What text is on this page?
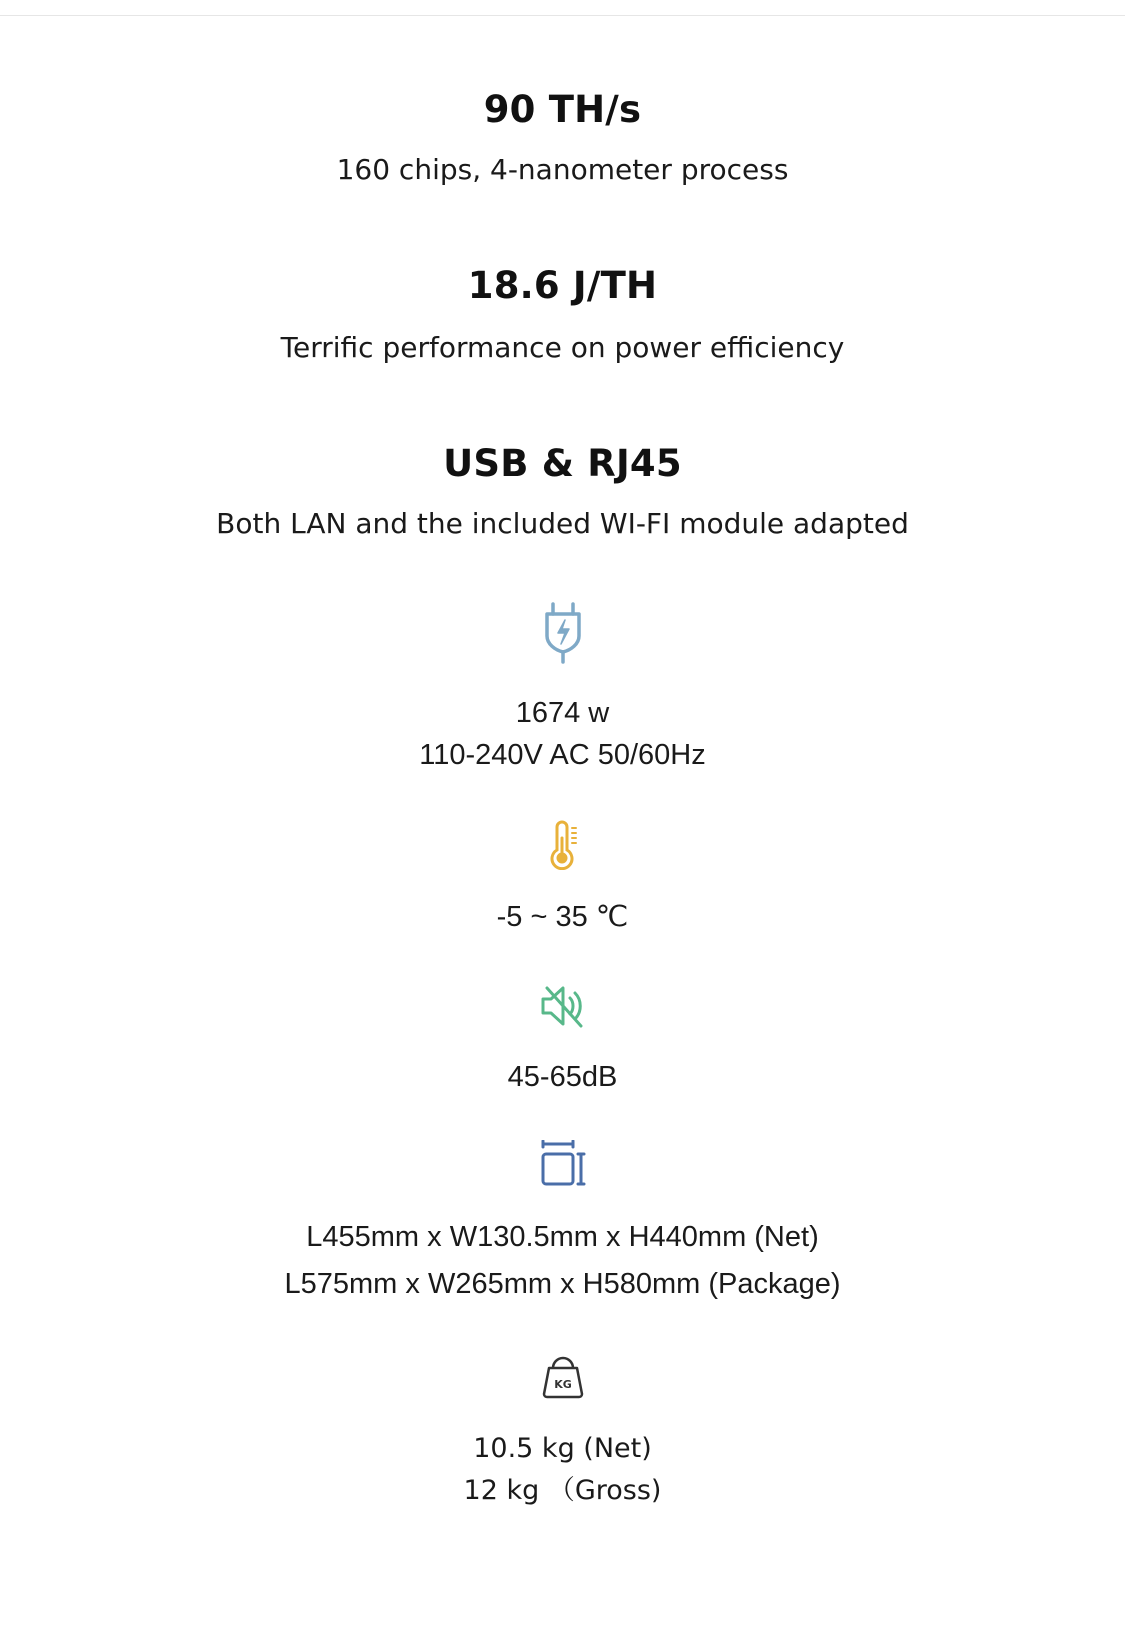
90 TH/s

160 chips, 4-nanometer process

18.6 J/TH

Terrific performance on power efficiency

USB & RJ45

Both LAN and the included WI-FI module adapted

1674 w
110-240V AC 50/60Hz
-5 ~ 35 ℃
45-65dB
L455mm x W130.5mm x H440mm (Net)
L575mm x W265mm x H580mm (Package)
KG
10.5 kg (Net)
12 kg （Gross)
